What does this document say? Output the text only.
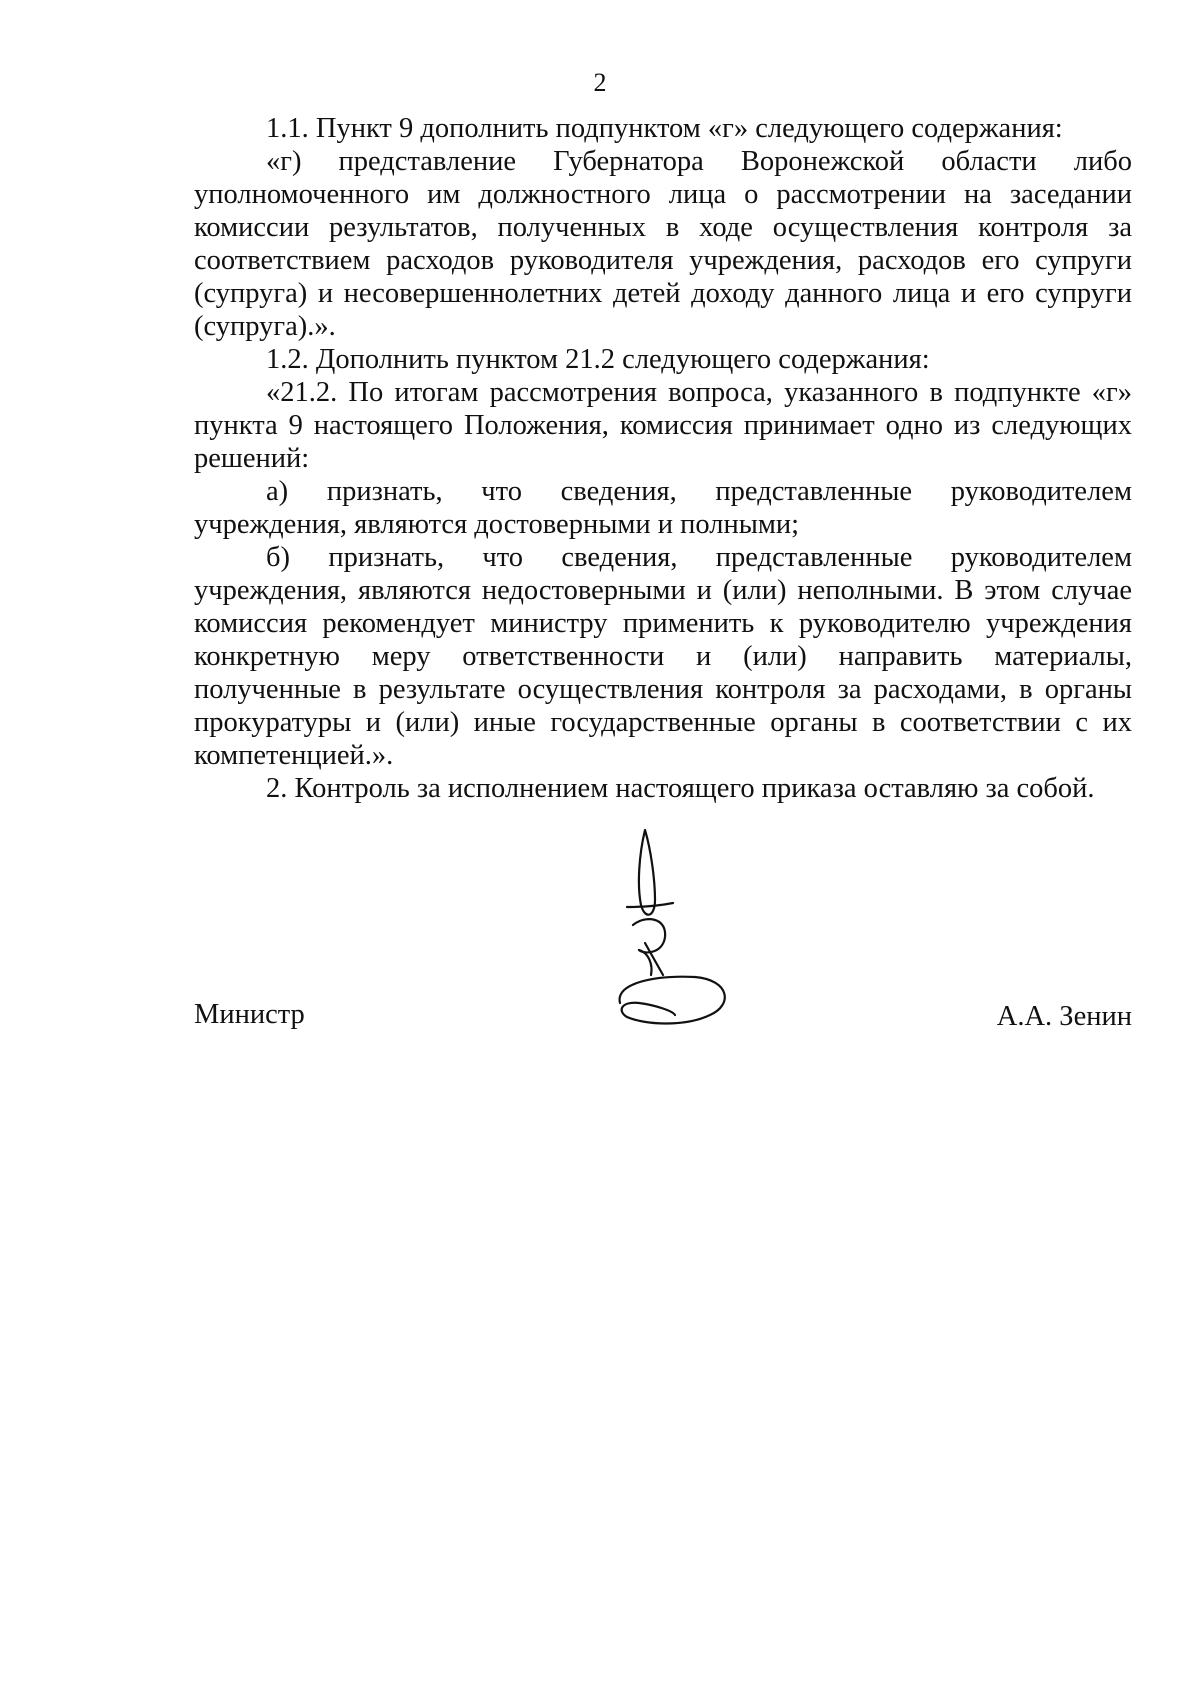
2

1.1. Пункт 9 дополнить подпунктом «г» следующего содержания:

«г) представление Губернатора Воронежской области либо уполномоченного им должностного лица о рассмотрении на заседании комиссии результатов, полученных в ходе осуществления контроля за соответствием расходов руководителя учреждения, расходов его супруги (супруга) и несовершеннолетних детей доходу данного лица и его супруги (супруга).».

1.2. Дополнить пунктом 21.2 следующего содержания:

«21.2. По итогам рассмотрения вопроса, указанного в подпункте «г» пункта 9 настоящего Положения, комиссия принимает одно из следующих решений:

а) признать, что сведения, представленные руководителем учреждения, являются достоверными и полными;

б) признать, что сведения, представленные руководителем учреждения, являются недостоверными и (или) неполными. В этом случае комиссия рекомендует министру применить к руководителю учреждения конкретную меру ответственности и (или) направить материалы, полученные в результате осуществления контроля за расходами, в органы прокуратуры и (или) иные государственные органы в соответствии с их компетенцией.».

2. Контроль за исполнением настоящего приказа оставляю за собой.

Министр	А.А. Зенин
